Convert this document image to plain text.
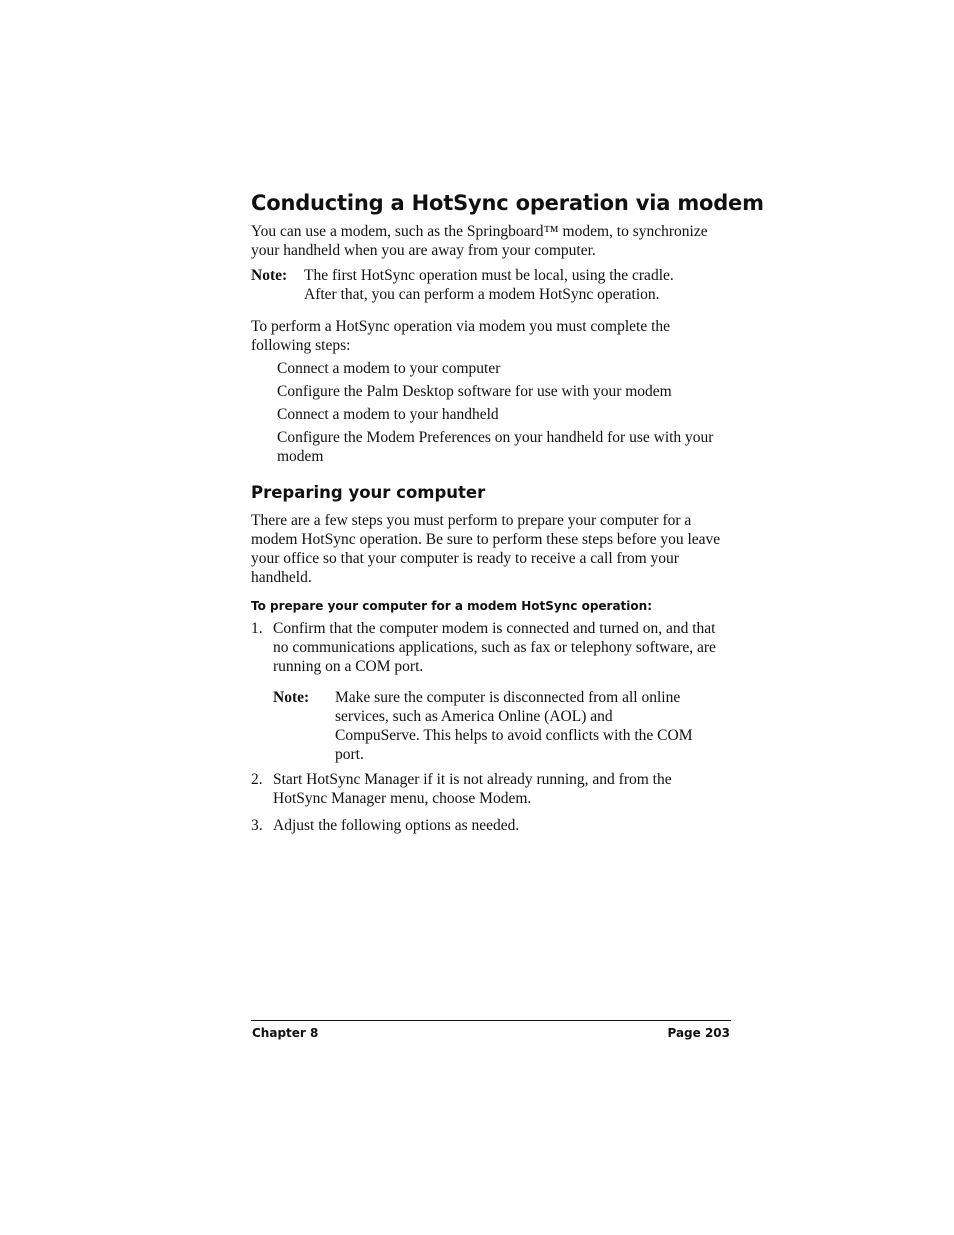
Conducting a HotSync operation via modem

You can use a modem, such as the Springboard™ modem, to synchronize your handheld when you are away from your computer.

Note: The first HotSync operation must be local, using the cradle.
After that, you can perform a modem HotSync operation.

To perform a HotSync operation via modem you must complete the following steps:

Connect a modem to your computer
Configure the Palm Desktop software for use with your modem
Connect a modem to your handheld
Configure the Modem Preferences on your handheld for use with your modem
Preparing your computer

There are a few steps you must perform to prepare your computer for a modem HotSync operation. Be sure to perform these steps before you leave your office so that your computer is ready to receive a call from your handheld.

To prepare your computer for a modem HotSync operation:
1. Confirm that the computer modem is connected and turned on, and that no communications applications, such as fax or telephony software, are running on a COM port.
Note: Make sure the computer is disconnected from all online services, such as America Online (AOL) and CompuServe. This helps to avoid conflicts with the COM port.
2. Start HotSync Manager if it is not already running, and from the HotSync Manager menu, choose Modem.
3. Adjust the following options as needed.
Chapter 8	Page 203
